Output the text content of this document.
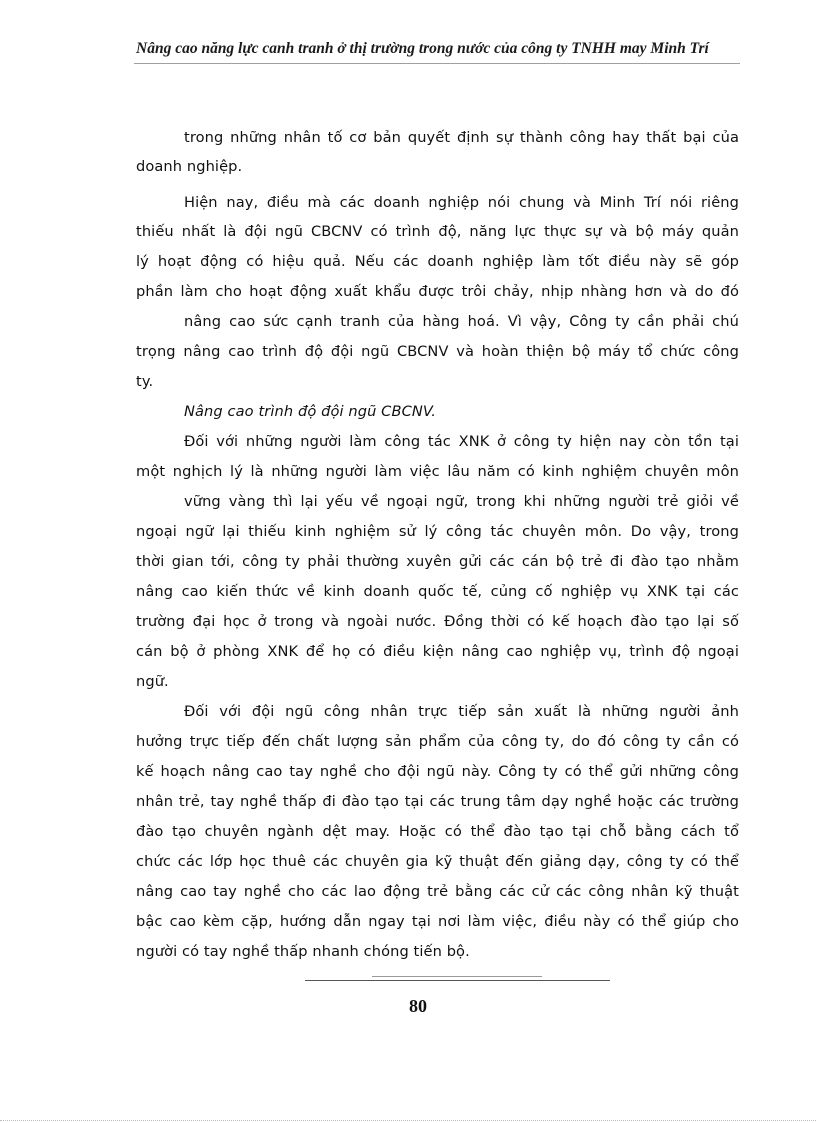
Nâng cao năng lực canh tranh ở thị trường trong nước của công ty TNHH may Minh Trí
trong những nhân tố cơ bản quyết định sự thành công hay thất bại của
doanh nghiệp.
Hiện nay, điều mà các doanh nghiệp nói chung và Minh Trí nói riêng
thiếu nhất là đội ngũ CBCNV có trình độ, năng lực thực sự và bộ máy quản
lý hoạt động có hiệu quả. Nếu các doanh nghiệp làm tốt điều này sẽ góp
phần làm cho hoạt động xuất khẩu được trôi chảy, nhịp nhàng hơn và do đó
nâng cao sức cạnh tranh của hàng hoá. Vì vậy, Công ty cần phải chú
trọng nâng cao trình độ đội ngũ CBCNV và hoàn thiện bộ máy tổ chức công
ty.
Nâng cao trình độ đội ngũ CBCNV.
Đối với những người làm công tác XNK ở công ty hiện nay còn tồn tại
một nghịch lý là những người làm việc lâu năm có kinh nghiệm chuyên môn
vững vàng thì lại yếu về ngoại ngữ, trong khi những người trẻ giỏi về
ngoại ngữ lại thiếu kinh nghiệm sử lý công tác chuyên môn. Do vậy, trong
thời gian tới, công ty phải thường xuyên gửi các cán bộ trẻ đi đào tạo nhằm
nâng cao kiến thức về kinh doanh quốc tế, củng cố nghiệp vụ XNK tại các
trường đại học ở trong và ngoài nước. Đồng thời có kế hoạch đào tạo lại số
cán bộ ở phòng XNK để họ có điều kiện nâng cao nghiệp vụ, trình độ ngoại
ngữ.
Đối với đội ngũ công nhân trực tiếp sản xuất là những người ảnh
hưởng trực tiếp đến chất lượng sản phẩm của công ty, do đó công ty cần có
kế hoạch nâng cao tay nghề cho đội ngũ này. Công ty có thể gửi những công
nhân trẻ, tay nghề thấp đi đào tạo tại các trung tâm dạy nghề hoặc các trường
đào tạo chuyên ngành dệt may. Hoặc có thể đào tạo tại chỗ bằng cách tổ
chức các lớp học thuê các chuyên gia kỹ thuật đến giảng dạy, công ty có thể
nâng cao tay nghề cho các lao động trẻ bằng các cử các công nhân kỹ thuật
bậc cao kèm cặp, hướng dẫn ngay tại nơi làm việc, điều này có thể giúp cho
người có tay nghề thấp nhanh chóng tiến bộ.
80
